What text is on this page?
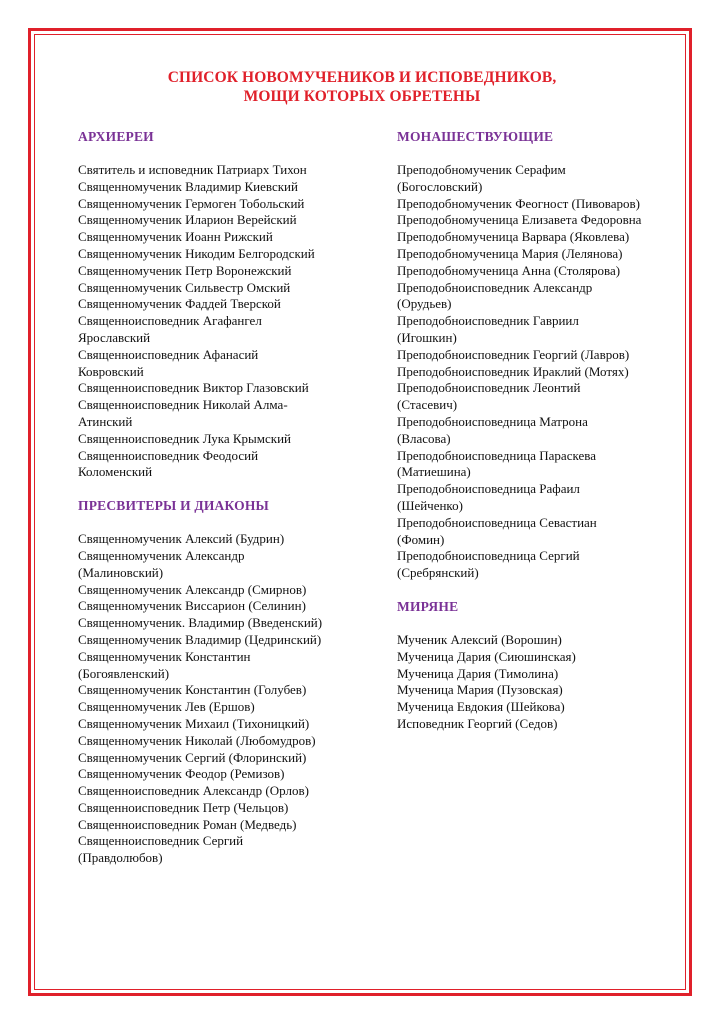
СПИСОК НОВОМУЧЕНИКОВ И ИСПОВЕДНИКОВ,
МОЩИ КОТОРЫХ ОБРЕТЕНЫ
АРХИЕРЕИ
Святитель и исповедник Патриарх Тихон
Священномученик Владимир Киевский
Священномученик Гермоген Тобольский
Священномученик Иларион Верейский
Священномученик Иоанн Рижский
Священномученик Никодим Белгородский
Священномученик Петр Воронежский
Священномученик Сильвестр Омский
Священномученик Фаддей Тверской
Священноисповедник Агафангел
Ярославский
Священноисповедник Афанасий
Ковровский
Священноисповедник Виктор Глазовский
Священноисповедник Николай Алма-
Атинский
Священноисповедник Лука Крымский
Священноисповедник Феодосий
Коломенский
ПРЕСВИТЕРЫ И ДИАКОНЫ
Священномученик Алексий (Будрин)
Священномученик Александр
(Малиновский)
Священномученик Александр (Смирнов)
Священномученик Виссарион (Селинин)
Священномученик. Владимир (Введенский)
Священномученик Владимир (Цедринский)
Священномученик Константин
(Богоявленский)
Священномученик Константин (Голубев)
Священномученик Лев (Ершов)
Священномученик Михаил (Тихоницкий)
Священномученик Николай (Любомудров)
Священномученик Сергий (Флоринский)
Священномученик Феодор (Ремизов)
Священноисповедник Александр (Орлов)
Священноисповедник Петр (Чельцов)
Священноисповедник Роман (Медведь)
Священноисповедник Сергий
(Правдолюбов)
МОНАШЕСТВУЮЩИЕ
Преподобномученик Серафим
(Богословский)
Преподобномученик Феогност (Пивоваров)
Преподобномученица Елизавета Федоровна
Преподобномученица Варвара (Яковлева)
Преподобномученица Мария (Лелянова)
Преподобномученица Анна (Столярова)
Преподобноисповедник Александр
(Орудьев)
Преподобноисповедник Гавриил
(Игошкин)
Преподобноисповедник Георгий (Лавров)
Преподобноисповедник Ираклий (Мотях)
Преподобноисповедник Леонтий
(Стасевич)
Преподобноисповедница Матрона
(Власова)
Преподобноисповедница Параскева
(Матиешина)
Преподобноисповедница Рафаил
(Шейченко)
Преподобноисповедница Севастиан
(Фомин)
Преподобноисповедница Сергий
(Сребрянский)
МИРЯНЕ
Мученик Алексий (Ворошин)
Мученица Дария (Сиюшинская)
Мученица Дария (Тимолина)
Мученица Мария (Пузовская)
Мученица Евдокия (Шейкова)
Исповедник Георгий (Седов)
